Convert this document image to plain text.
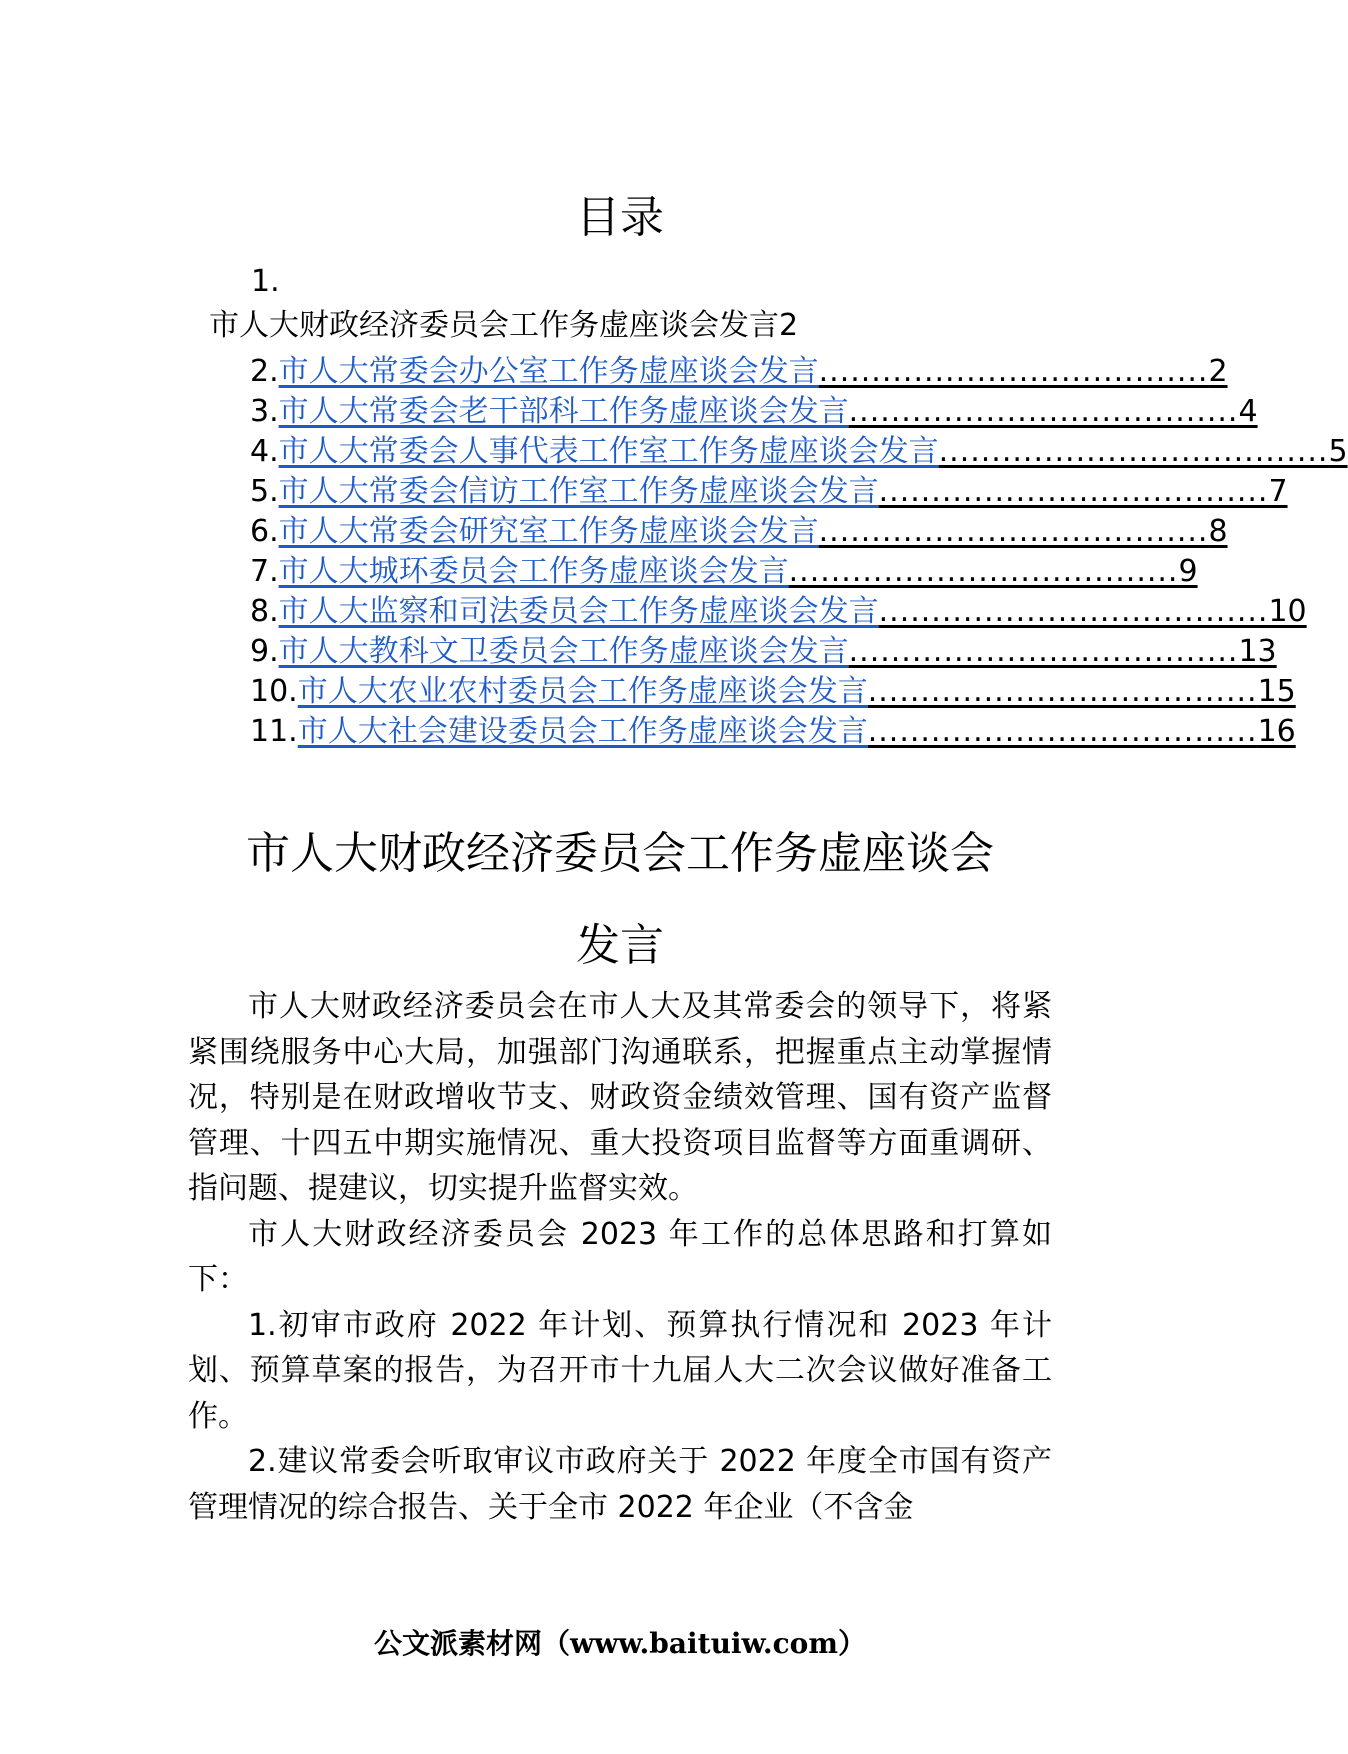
目录
1.
市人大财政经济委员会工作务虚座谈会发言2
2. 市人大常委会办公室工作务虚座谈会发言 ..................................... 2
3. 市人大常委会老干部科工作务虚座谈会发言 ..................................... 4
4. 市人大常委会人事代表工作室工作务虚座谈会发言 ..................................... 5
5. 市人大常委会信访工作室工作务虚座谈会发言 ..................................... 7
6. 市人大常委会研究室工作务虚座谈会发言 ..................................... 8
7. 市人大城环委员会工作务虚座谈会发言 ..................................... 9
8. 市人大监察和司法委员会工作务虚座谈会发言 ..................................... 10
9. 市人大教科文卫委员会工作务虚座谈会发言 ..................................... 13
10. 市人大农业农村委员会工作务虚座谈会发言 ..................................... 15
11. 市人大社会建设委员会工作务虚座谈会发言 ..................................... 16
市人大财政经济委员会工作务虚座谈会
发言

市人大财政经济委员会在市人大及其常委会的领导下，将紧紧围绕服务中心大局，加强部门沟通联系，把握重点主动掌握情况，特别是在财政增收节支、财政资金绩效管理、国有资产监督管理、十四五中期实施情况、重大投资项目监督等方面重调研、指问题、提建议，切实提升监督实效。

市人大财政经济委员会 2023 年工作的总体思路和打算如下：

1.初审市政府 2022 年计划、预算执行情况和 2023 年计划、预算草案的报告，为召开市十九届人大二次会议做好准备工作。

2.建议常委会听取审议市政府关于 2022 年度全市国有资产管理情况的综合报告、关于全市 2022 年企业（不含金

公文派素材网（www.baituiw.com）
